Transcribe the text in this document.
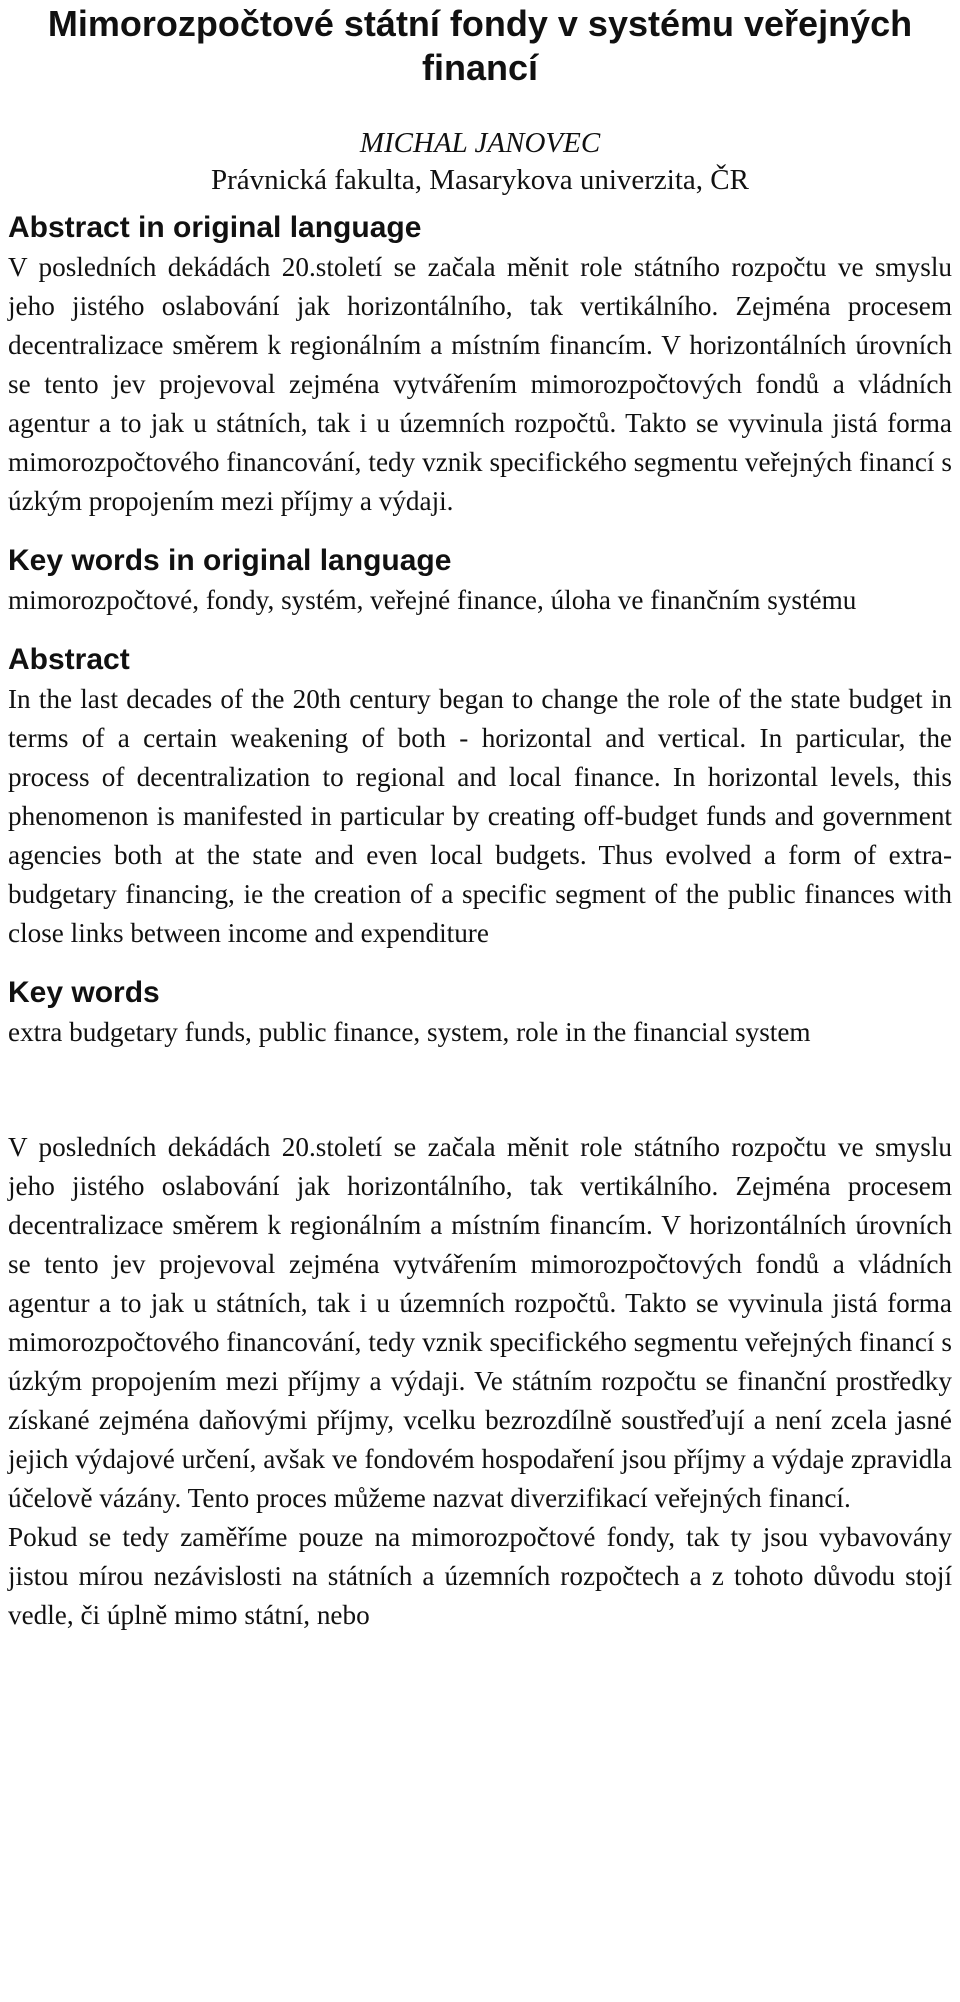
Mimorozpočtové státní fondy v systému veřejných financí
MICHAL JANOVEC
Právnická fakulta, Masarykova univerzita, ČR
Abstract in original language

V posledních dekádách 20.století se začala měnit role státního rozpočtu ve smyslu jeho jistého oslabování jak horizontálního, tak vertikálního. Zejména procesem decentralizace směrem k regionálním a místním financím. V horizontálních úrovních se tento jev projevoval zejména vytvářením mimorozpočtových fondů a vládních agentur a to jak u státních, tak i u územních rozpočtů. Takto se vyvinula jistá forma mimorozpočtového financování, tedy vznik specifického segmentu veřejných financí s úzkým propojením mezi příjmy a výdaji.

Key words in original language

mimorozpočtové, fondy, systém, veřejné finance, úloha ve finančním systému

Abstract

In the last decades of the 20th century began to change the role of the state budget in terms of a certain weakening of both - horizontal and vertical. In particular, the process of decentralization to regional and local finance. In horizontal levels, this phenomenon is manifested in particular by creating off-budget funds and government agencies both at the state and even local budgets. Thus evolved a form of extra-budgetary financing, ie the creation of a specific segment of the public finances with close links between income and expenditure

Key words

extra budgetary funds, public finance, system, role in the financial system

V posledních dekádách 20.století se začala měnit role státního rozpočtu ve smyslu jeho jistého oslabování jak horizontálního, tak vertikálního. Zejména procesem decentralizace směrem k regionálním a místním financím. V horizontálních úrovních se tento jev projevoval zejména vytvářením mimorozpočtových fondů a vládních agentur a to jak u státních, tak i u územních rozpočtů. Takto se vyvinula jistá forma mimorozpočtového financování, tedy vznik specifického segmentu veřejných financí s úzkým propojením mezi příjmy a výdaji. Ve státním rozpočtu se finanční prostředky získané zejména daňovými příjmy, vcelku bezrozdílně soustřeďují a není zcela jasné jejich výdajové určení, avšak ve fondovém hospodaření jsou příjmy a výdaje zpravidla účelově vázány. Tento proces můžeme nazvat diverzifikací veřejných financí.

Pokud se tedy zaměříme pouze na mimorozpočtové fondy, tak ty jsou vybavovány jistou mírou nezávislosti na státních a územních rozpočtech a z tohoto důvodu stojí vedle, či úplně mimo státní, nebo
